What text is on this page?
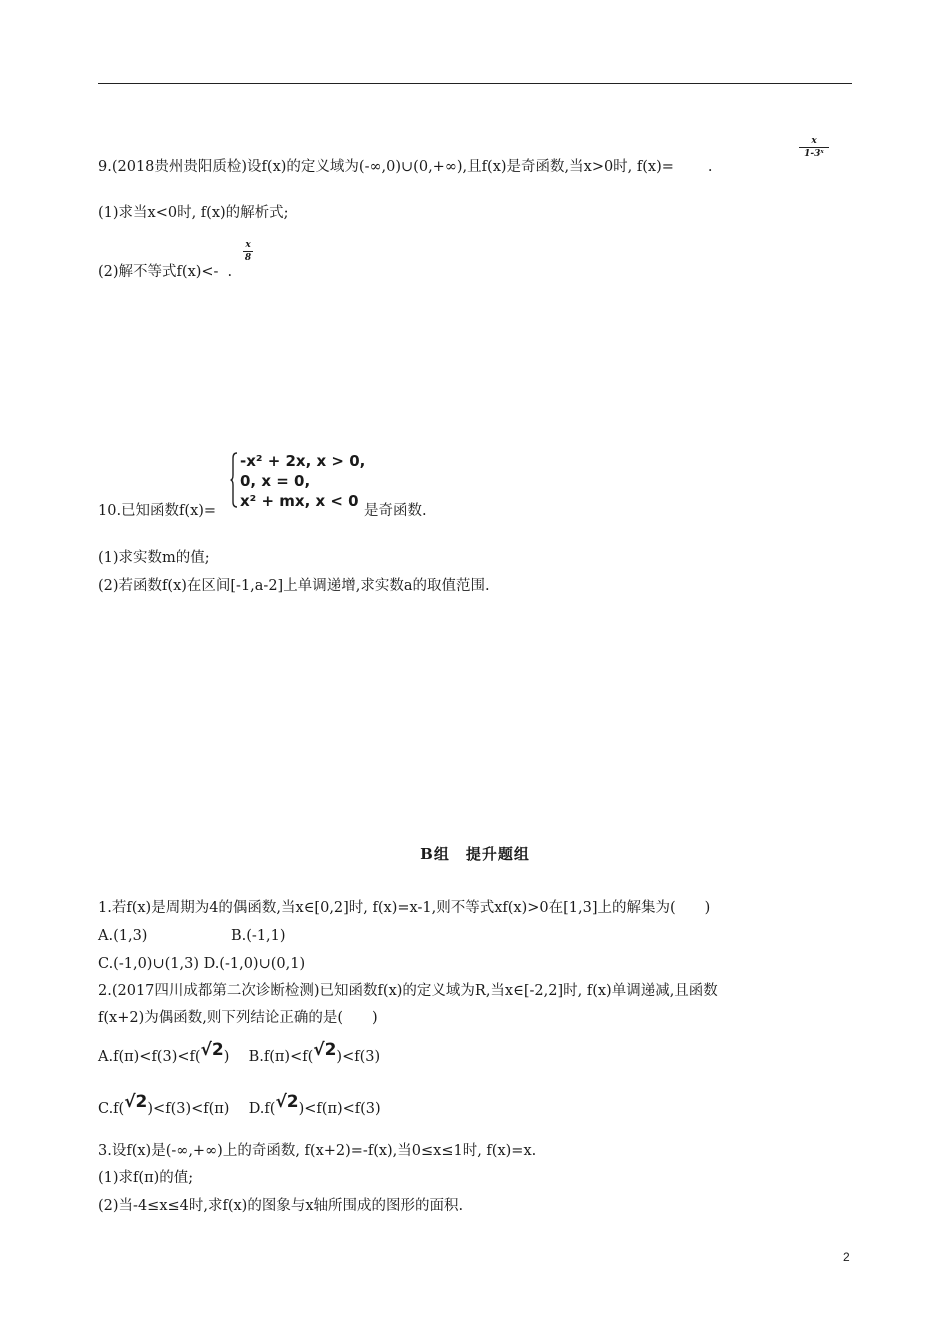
9.(2018贵州贵阳质检)设f(x)的定义域为(-∞,0)∪(0,+∞),且f(x)是奇函数,当x>0时, f(x)= .
x
1-3ˣ
(1)求当x<0时, f(x)的解析式;
(2)解不等式f(x)<- .
x
8
-x² + 2x, x > 0,
0, x = 0,
x² + mx, x < 0
10.已知函数f(x)=	是奇函数.
(1)求实数m的值;
(2)若函数f(x)在区间[-1,a-2]上单调递增,求实数a的取值范围.
B组　提升题组
1.若f(x)是周期为4的偶函数,当x∈[0,2]时, f(x)=x-1,则不等式xf(x)>0在[1,3]上的解集为(　　)
A.(1,3)	B.(-1,1)
C.(-1,0)∪(1,3) D.(-1,0)∪(0,1)
2.(2017四川成都第二次诊断检测)已知函数f(x)的定义域为R,当x∈[-2,2]时, f(x)单调递减,且函数
f(x+2)为偶函数,则下列结论正确的是(　　)
A.f(π)<f(3)<f(√2) B.f(π)<f(√2)<f(3)
C.f(√2)<f(3)<f(π) D.f(√2)<f(π)<f(3)
3.设f(x)是(-∞,+∞)上的奇函数, f(x+2)=-f(x),当0≤x≤1时, f(x)=x.
(1)求f(π)的值;
(2)当-4≤x≤4时,求f(x)的图象与x轴所围成的图形的面积.
2
